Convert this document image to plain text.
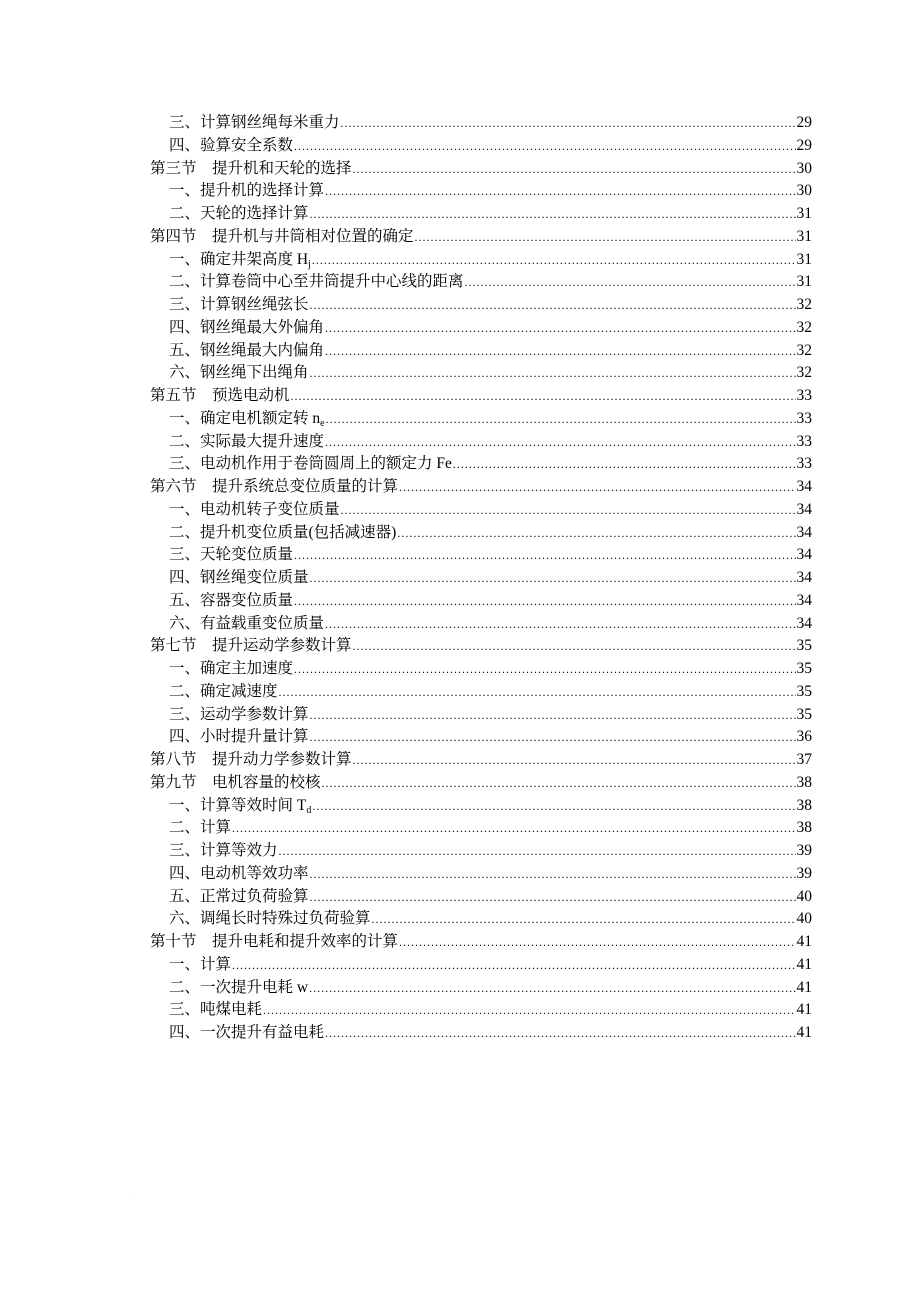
三、计算钢丝绳每米重力 .....	29
四、验算安全系数 .....	29
第三节　提升机和天轮的选择 .....	30
一、提升机的选择计算 .....	30
二、天轮的选择计算 .....	31
第四节　提升机与井筒相对位置的确定 .....	31
一、确定井架高度 $H_j$ .....	31
二、计算卷筒中心至井筒提升中心线的距离 .....	31
三、计算钢丝绳弦长 .....	32
四、钢丝绳最大外偏角 .....	32
五、钢丝绳最大内偏角 .....	32
六、钢丝绳下出绳角 .....	32
第五节　预选电动机 .....	33
一、确定电机额定转 $n_e$ .....	33
二、实际最大提升速度 .....	33
三、电动机作用于卷筒圆周上的额定力 Fe .....	33
第六节　提升系统总变位质量的计算 .....	34
一、电动机转子变位质量 .....	34
二、提升机变位质量(包括减速器) .....	34
三、天轮变位质量 .....	34
四、钢丝绳变位质量 .....	34
五、容器变位质量 .....	34
六、有益载重变位质量 .....	34
第七节　提升运动学参数计算 .....	35
一、确定主加速度 .....	35
二、确定减速度 .....	35
三、运动学参数计算 .....	35
四、小时提升量计算 .....	36
第八节　提升动力学参数计算 .....	37
第九节　电机容量的校核 .....	38
一、计算等效时间 $T_d$ .....	38
二、计算 .....	38
三、计算等效力 .....	39
四、电动机等效功率 .....	39
五、正常过负荷验算 .....	40
六、调绳长时特殊过负荷验算 .....	40
第十节　提升电耗和提升效率的计算 .....	41
一、计算 .....	41
二、一次提升电耗 w .....	41
三、吨煤电耗 .....	41
四、一次提升有益电耗 .....	41
.
